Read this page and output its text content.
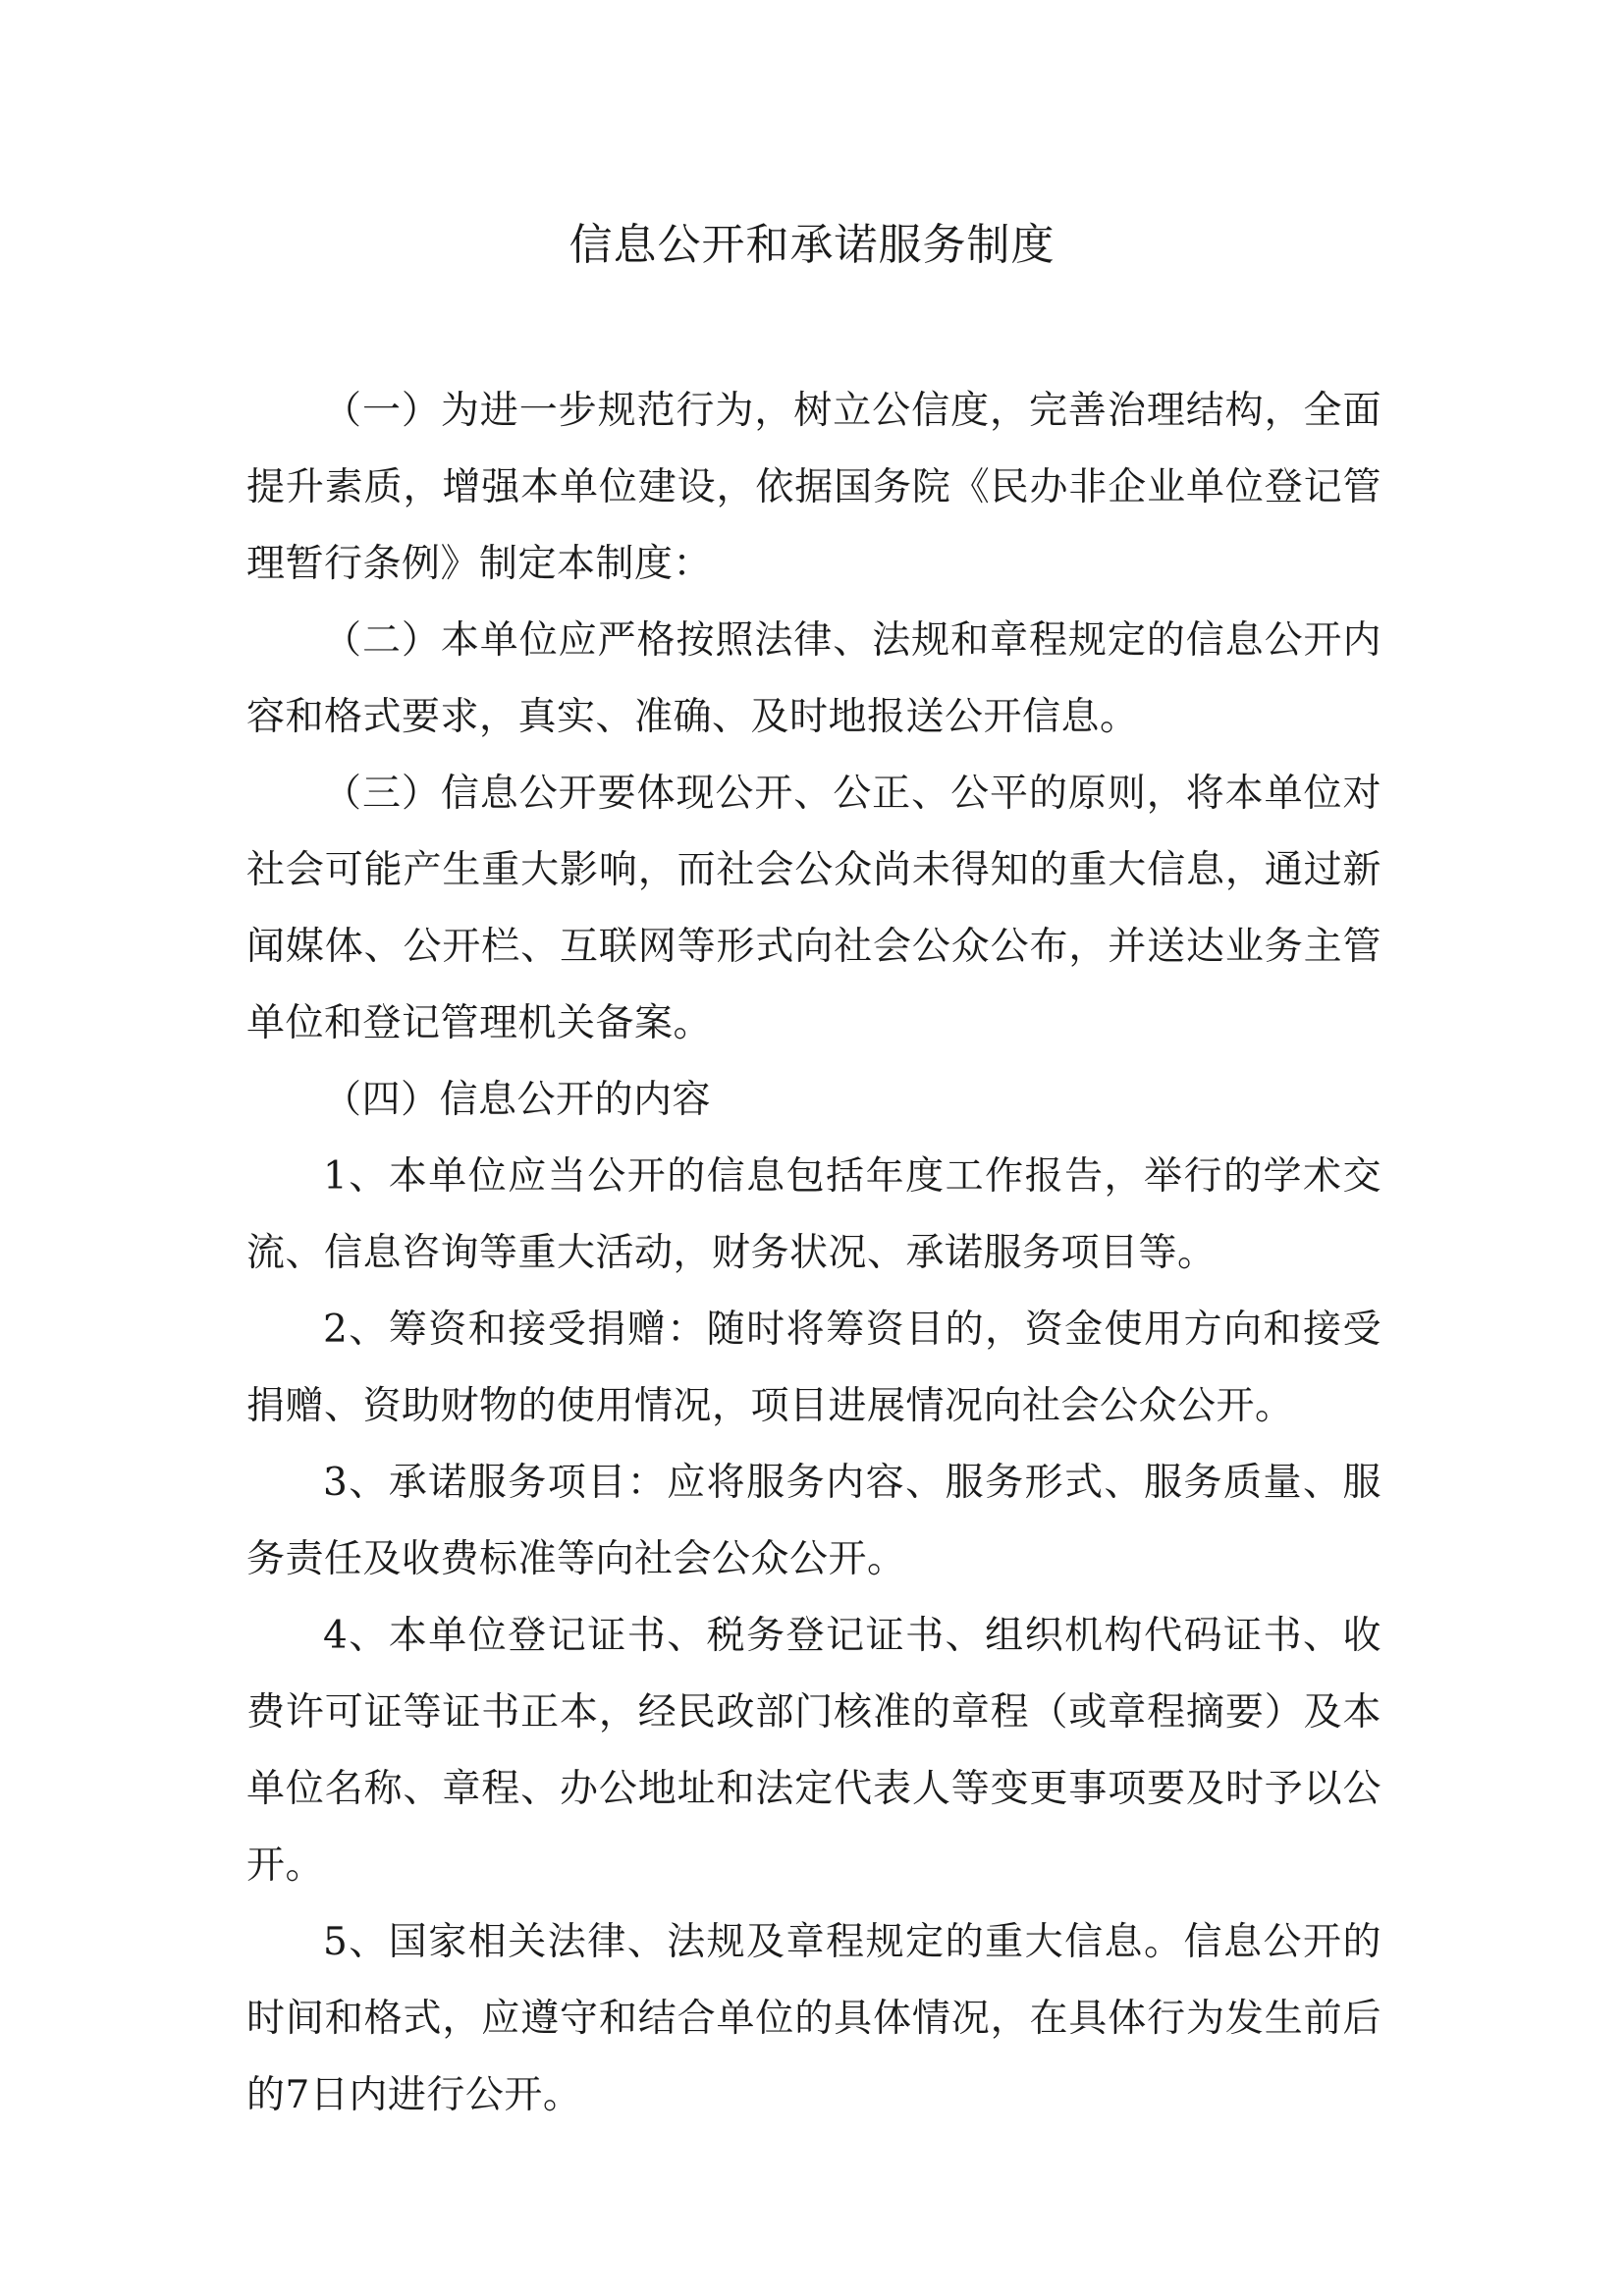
信息公开和承诺服务制度

（一）为进一步规范行为，树立公信度，完善治理结构，全面提升素质，增强本单位建设，依据国务院《民办非企业单位登记管理暂行条例》制定本制度：

（二）本单位应严格按照法律、法规和章程规定的信息公开内容和格式要求，真实、准确、及时地报送公开信息。

（三）信息公开要体现公开、公正、公平的原则，将本单位对社会可能产生重大影响，而社会公众尚未得知的重大信息，通过新闻媒体、公开栏、互联网等形式向社会公众公布，并送达业务主管单位和登记管理机关备案。

（四）信息公开的内容

1、本单位应当公开的信息包括年度工作报告，举行的学术交流、信息咨询等重大活动，财务状况、承诺服务项目等。

2、筹资和接受捐赠：随时将筹资目的，资金使用方向和接受捐赠、资助财物的使用情况，项目进展情况向社会公众公开。

3、承诺服务项目：应将服务内容、服务形式、服务质量、服务责任及收费标准等向社会公众公开。

4、本单位登记证书、税务登记证书、组织机构代码证书、收费许可证等证书正本，经民政部门核准的章程（或章程摘要）及本单位名称、章程、办公地址和法定代表人等变更事项要及时予以公开。

5、国家相关法律、法规及章程规定的重大信息。信息公开的时间和格式，应遵守和结合单位的具体情况，在具体行为发生前后的7日内进行公开。
